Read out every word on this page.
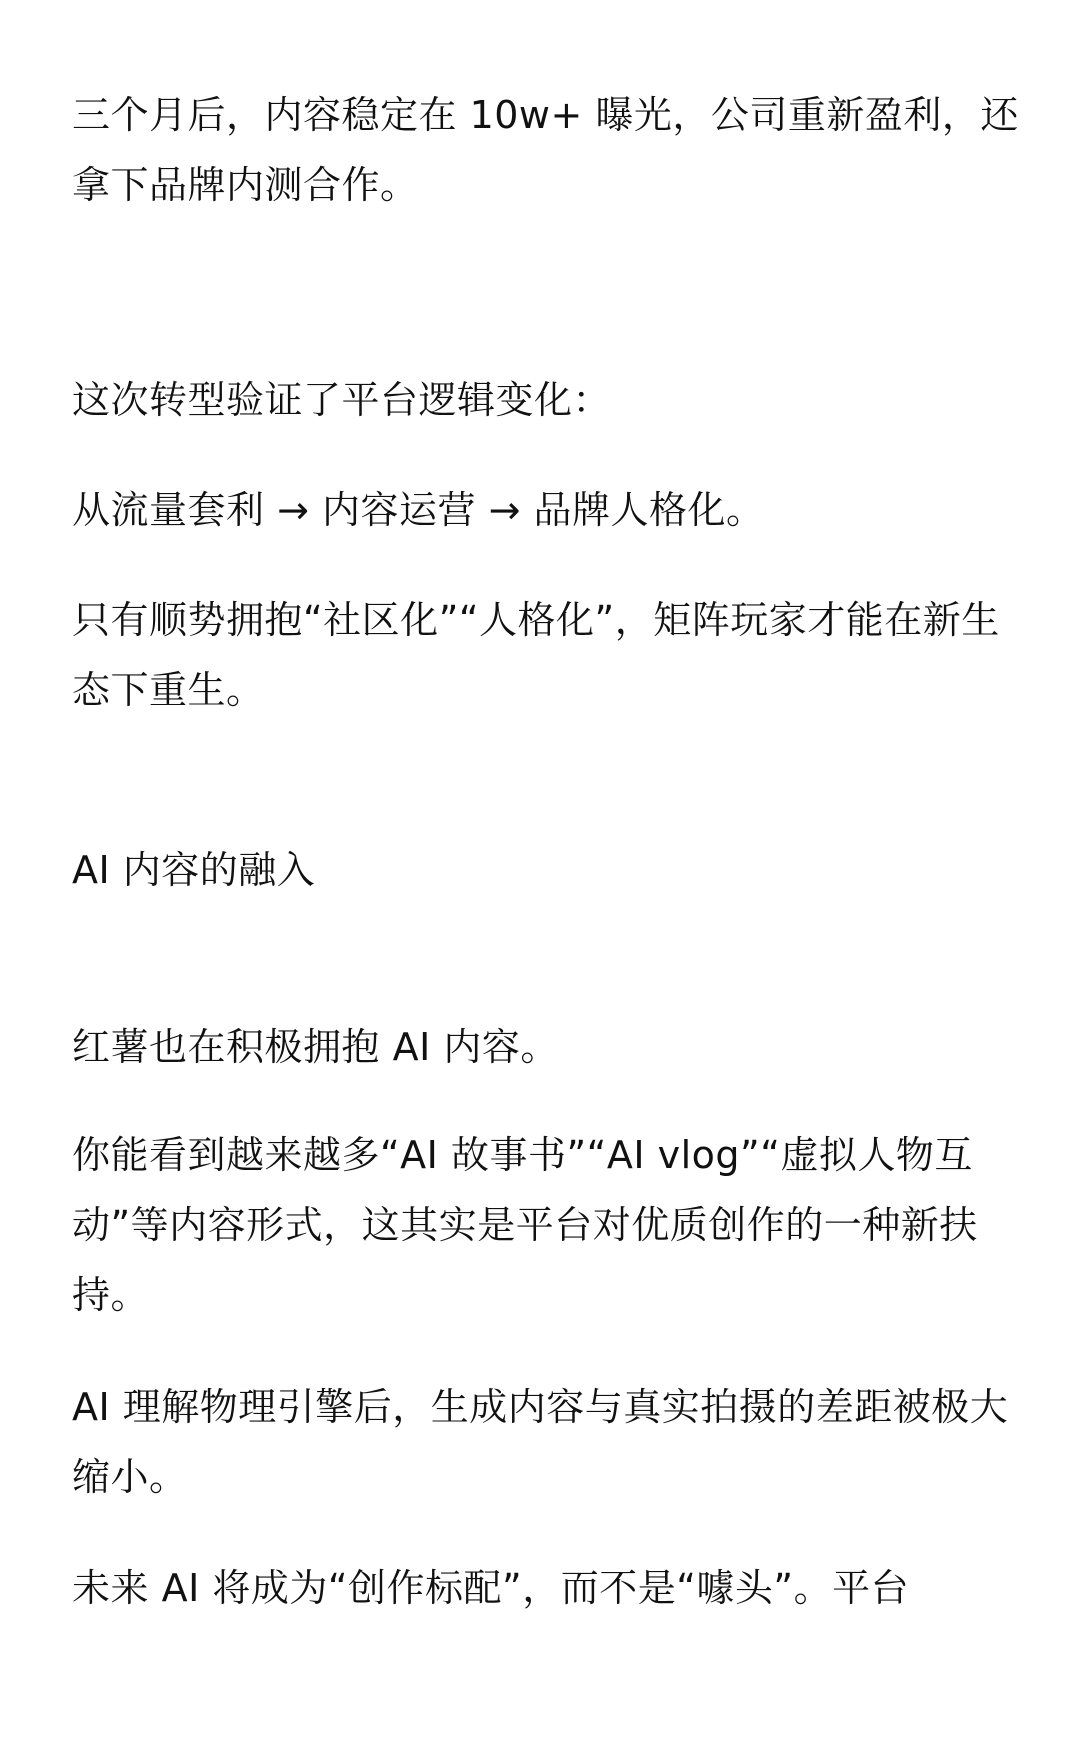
三个月后，内容稳定在 10w+ 曝光，公司重新盈利，还拿下品牌内测合作。

这次转型验证了平台逻辑变化：

从流量套利 → 内容运营 → 品牌人格化。

只有顺势拥抱“社区化”“人格化”，矩阵玩家才能在新生态下重生。

AI 内容的融入

红薯也在积极拥抱 AI 内容。

你能看到越来越多“AI 故事书”“AI vlog”“虚拟人物互动”等内容形式，这其实是平台对优质创作的一种新扶持。

AI 理解物理引擎后，生成内容与真实拍摄的差距被极大缩小。

未来 AI 将成为“创作标配”，而不是“噱头”。平台
